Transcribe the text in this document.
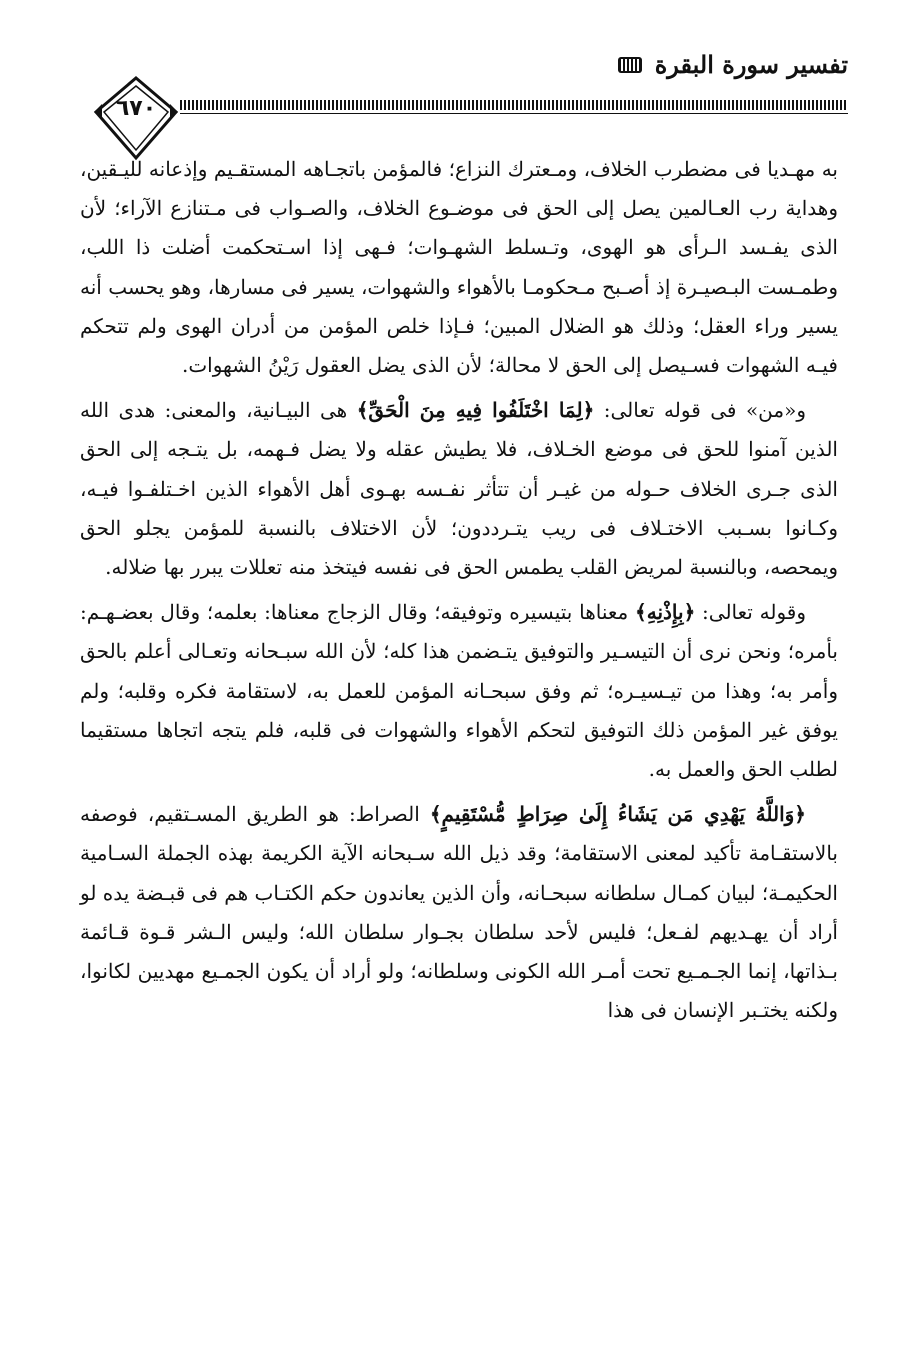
تفسير سورة البقرة
٦٧٠

به مهـديا فى مضطرب الخلاف، ومـعترك النزاع؛ فالمؤمن باتجـاهه المستقـيم وإذعانه لليـقين، وهداية رب العـالمين يصل إلى الحق فى موضـوع الخلاف، والصـواب فى مـتنازع الآراء؛ لأن الذى يفـسد الـرأى هو الهوى، وتـسلط الشهـوات؛ فـهى إذا اسـتحكمت أضلت ذا اللب، وطمـست البـصيـرة إذ أصـبح مـحكومـا بالأهواء والشهوات، يسير فى مسارها، وهو يحسب أنه يسير وراء العقل؛ وذلك هو الضلال المبين؛ فـإذا خلص المؤمن من أدران الهوى ولم تتحكم فيـه الشهوات فسـيصل إلى الحق لا محالة؛ لأن الذى يضل العقول رَيْنُ الشهوات.

و«من» فى قوله تعالى: ﴿لِمَا اخْتَلَفُوا فِيهِ مِنَ الْحَقِّ﴾ هى البيـانية، والمعنى: هدى الله الذين آمنوا للحق فى موضع الخـلاف، فلا يطيش عقله ولا يضل فـهمه، بل يتـجه إلى الحق الذى جـرى الخلاف حـوله من غيـر أن تتأثر نفـسه بهـوى أهل الأهواء الذين اخـتلفـوا فيـه، وكـانوا بسـبب الاختـلاف فى ريب يتـرددون؛ لأن الاختلاف بالنسبة للمؤمن يجلو الحق ويمحصه، وبالنسبة لمريض القلب يطمس الحق فى نفسه فيتخذ منه تعللات يبرر بها ضلاله.

وقوله تعالى: ﴿بِإِذْنِهِ﴾ معناها بتيسيره وتوفيقه؛ وقال الزجاج معناها: بعلمه؛ وقال بعضـهـم: بأمره؛ ونحن نرى أن التيسـير والتوفيق يتـضمن هذا كله؛ لأن الله سبـحانه وتعـالى أعلم بالحق وأمر به؛ وهذا من تيـسيـره؛ ثم وفق سبحـانه المؤمن للعمل به، لاستقامة فكره وقلبه؛ ولم يوفق غير المؤمن ذلك التوفيق لتحكم الأهواء والشهوات فى قلبه، فلم يتجه اتجاها مستقيما لطلب الحق والعمل به.

﴿وَاللَّهُ يَهْدِي مَن يَشَاءُ إِلَىٰ صِرَاطٍ مُّسْتَقِيمٍ﴾ الصراط: هو الطريق المسـتقيم، فوصفه بالاستقـامة تأكيد لمعنى الاستقامة؛ وقد ذيل الله سـبحانه الآية الكريمة بهذه الجملة السـامية الحكيمـة؛ لبيان كمـال سلطانه سبحـانه، وأن الذين يعاندون حكم الكتـاب هم فى قبـضة يده لو أراد أن يهـديهم لفـعل؛ فليس لأحد سلطان بجـوار سلطان الله؛ وليس الـشر قـوة قـائمة بـذاتها، إنما الجـمـيع تحت أمـر الله الكونى وسلطانه؛ ولو أراد أن يكون الجمـيع مهديين لكانوا، ولكنه يختـبر الإنسان فى هذا
